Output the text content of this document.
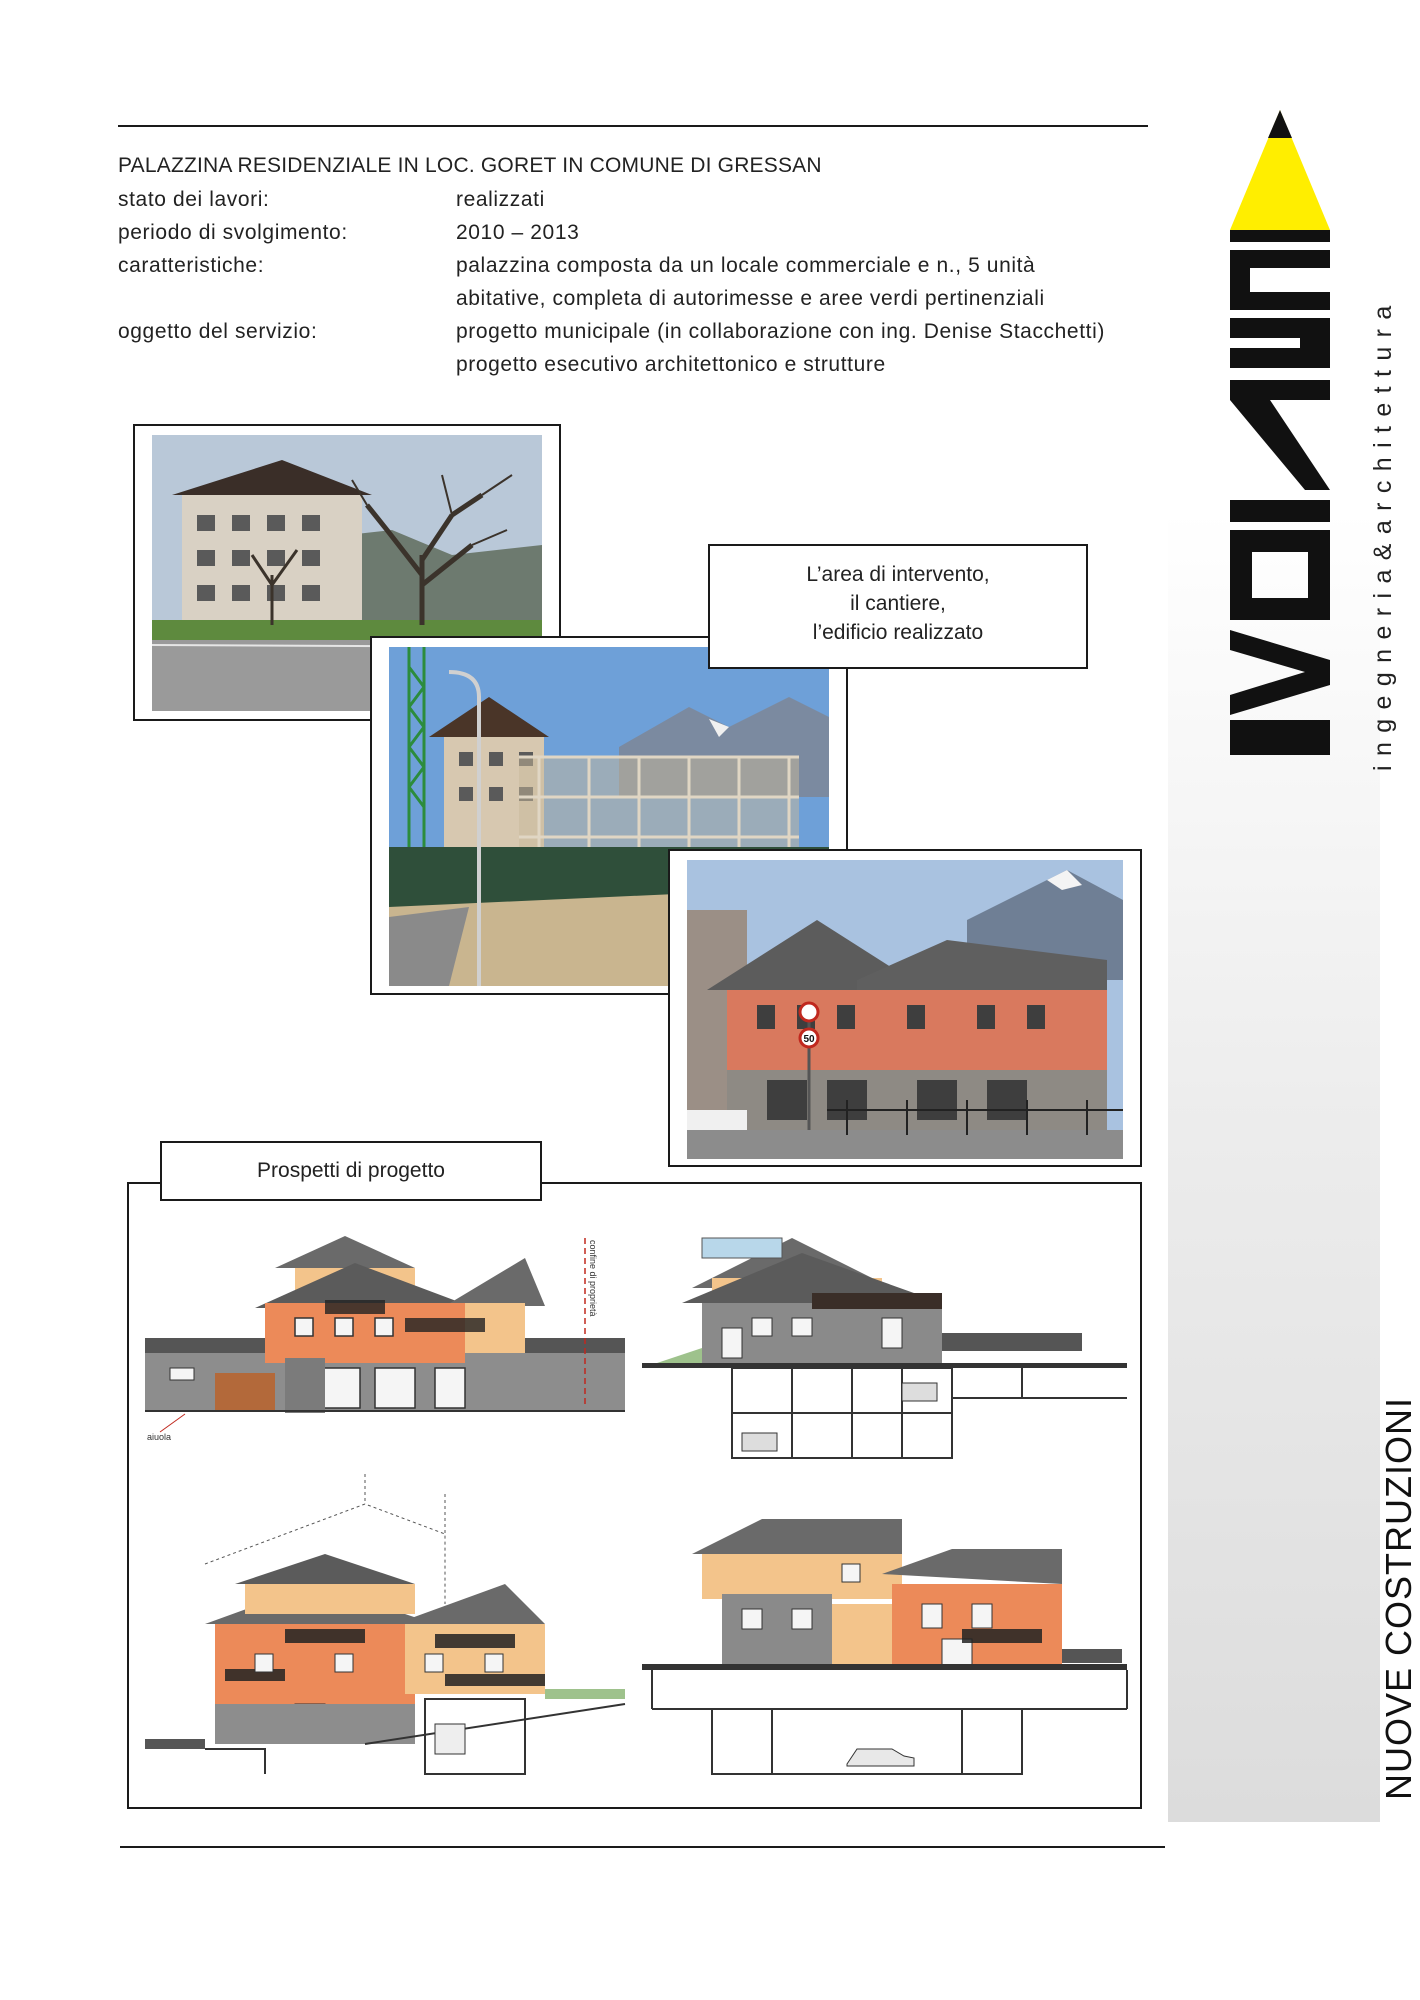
PALAZZINA RESIDENZIALE IN LOC. GORET IN COMUNE DI GRESSAN
stato dei lavori:	realizzati
periodo di svolgimento:	2010 – 2013
caratteristiche:	palazzina composta da un locale commerciale e n., 5 unità
abitative, completa di autorimesse e aree verdi pertinenziali
oggetto del servizio:	progetto municipale (in collaborazione con ing. Denise Stacchetti)
progetto esecutivo architettonico e strutture
50
L’area di intervento,
il cantiere,
l’edificio realizzato
confine di proprietà
aiuola
Prospetti di progetto
ingegneria&architettura
NUOVE COSTRUZIONI
